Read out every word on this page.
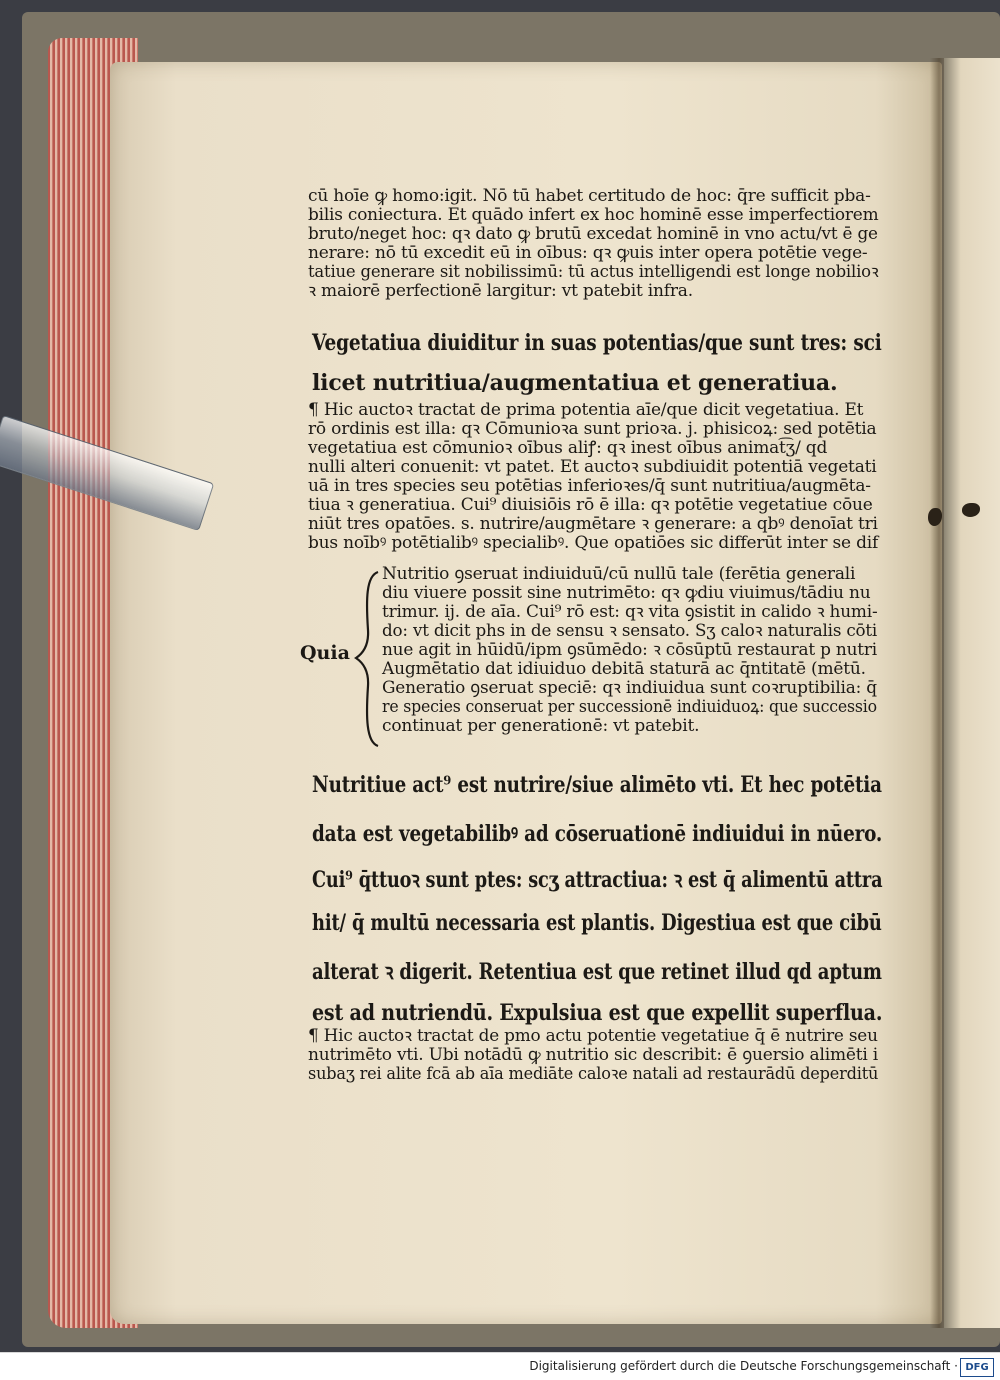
cū hoīe ꝙ homo:igit. Nō tū habet certitudo de hoc: q̄re sufficit pba-
bilis coniectura. Et quādo infert ex hoc hominē esse imperfectiorem
bruto/neget hoc: qꝛ dato ꝙ brutū excedat hominē in vno actu/vt ē ge
nerare: nō tū excedit eū in oībus: qꝛ ꝙuis inter opera potētie vege-
tatiue generare sit nobilissimū: tū actus intelligendi est longe nobilioꝛ
ꝛ maiorē perfectionē largitur: vt patebit infra.
Vegetatiua diuiditur in suas potentias/que sunt tres: sci
licet nutritiua/augmentatiua et generatiua.
¶ Hic auctoꝛ tractat de prima potentia aīe/que dicit vegetatiua. Et
rō ordinis est illa: qꝛ Cōmunioꝛa sunt prioꝛa. j. phisicoꝝ: sed potētia
vegetatiua est cōmunioꝛ oībus aliꝭ: qꝛ inest oībus animat͡ʒ/ qd
nulli alteri conuenit: vt patet. Et auctoꝛ subdiuidit potentiā vegetati
uā in tres species seu potētias inferioꝛes/q̄ sunt nutritiua/augmēta-
tiua ꝛ generatiua. Cui⁹ diuisiōis rō ē illa: qꝛ potētie vegetatiue cōue
niūt tres opatōes. s. nutrire/augmētare ꝛ generare: a qbꝰ denoīat tri
bus noībꝰ potētialibꝰ specialibꝰ. Que opatiōes sic differūt inter se dif
Quia
Nutritio ꝯseruat indiuiduū/cū nullū tale (ferētia generali
diu viuere possit sine nutrimēto: qꝛ ꝙdiu viuimus/tādiu nu
trimur. ij. de aīa. Cui⁹ rō est: qꝛ vita ꝯsistit in calido ꝛ humi-
do: vt dicit phs in de sensu ꝛ sensato. Sʒ caloꝛ naturalis cōti
nue agit in hūidū/ipm ꝯsūmēdo: ꝛ cōsūptū restaurat p nutri
Augmētatio dat idiuiduo debitā staturā ac q̄ntitatē (mētū.
Generatio ꝯseruat speciē: qꝛ indiuidua sunt coꝛruptibilia: q̄
re species conseruat per successionē indiuiduoꝝ: que successio
continuat per generationē: vt patebit.
Nutritiue act⁹ est nutrire/siue alimēto vti. Et hec potētia
data est vegetabilibꝰ ad cōseruationē indiuidui in nūero.
Cui⁹ q̄ttuoꝛ sunt ptes: scʒ attractiua: ꝛ est q̄ alimentū attra
hit/ q̄ multū necessaria est plantis. Digestiua est que cibū
alterat ꝛ digerit. Retentiua est que retinet illud qd aptum
est ad nutriendū. Expulsiua est que expellit superflua.
¶ Hic auctoꝛ tractat de pmo actu potentie vegetatiue q̄ ē nutrire seu
nutrimēto vti. Ubi notādū ꝙ nutritio sic describit: ē ꝯuersio alimēti i
subaʒ rei alite fcā ab aīa mediāte caloꝛe natali ad restaurādū deperditū
Digitalisierung gefördert durch die Deutsche Forschungsgemeinschaft · DFG
